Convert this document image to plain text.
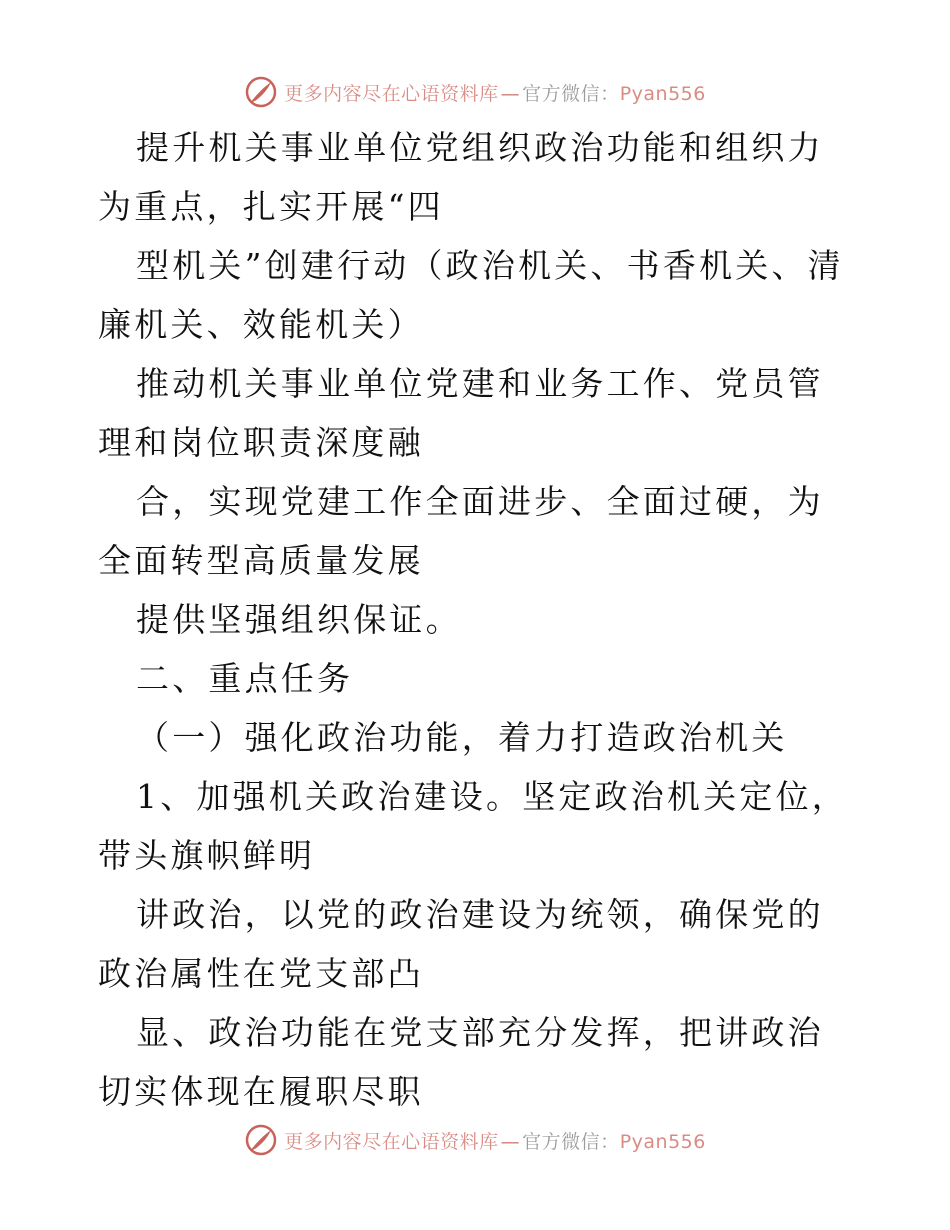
更多内容尽在心语资料库 — 官方微信：Pyan556

提升机关事业单位党组织政治功能和组织力为重点，扎实开展“四

型机关”创建行动（政治机关、书香机关、清廉机关、效能机关）

推动机关事业单位党建和业务工作、党员管理和岗位职责深度融

合，实现党建工作全面进步、全面过硬，为全面转型高质量发展

提供坚强组织保证。

二、重点任务

（一）强化政治功能，着力打造政治机关

1、加强机关政治建设。坚定政治机关定位，带头旗帜鲜明

讲政治，以党的政治建设为统领，确保党的政治属性在党支部凸

显、政治功能在党支部充分发挥，把讲政治切实体现在履职尽职

更多内容尽在心语资料库 — 官方微信：Pyan556
